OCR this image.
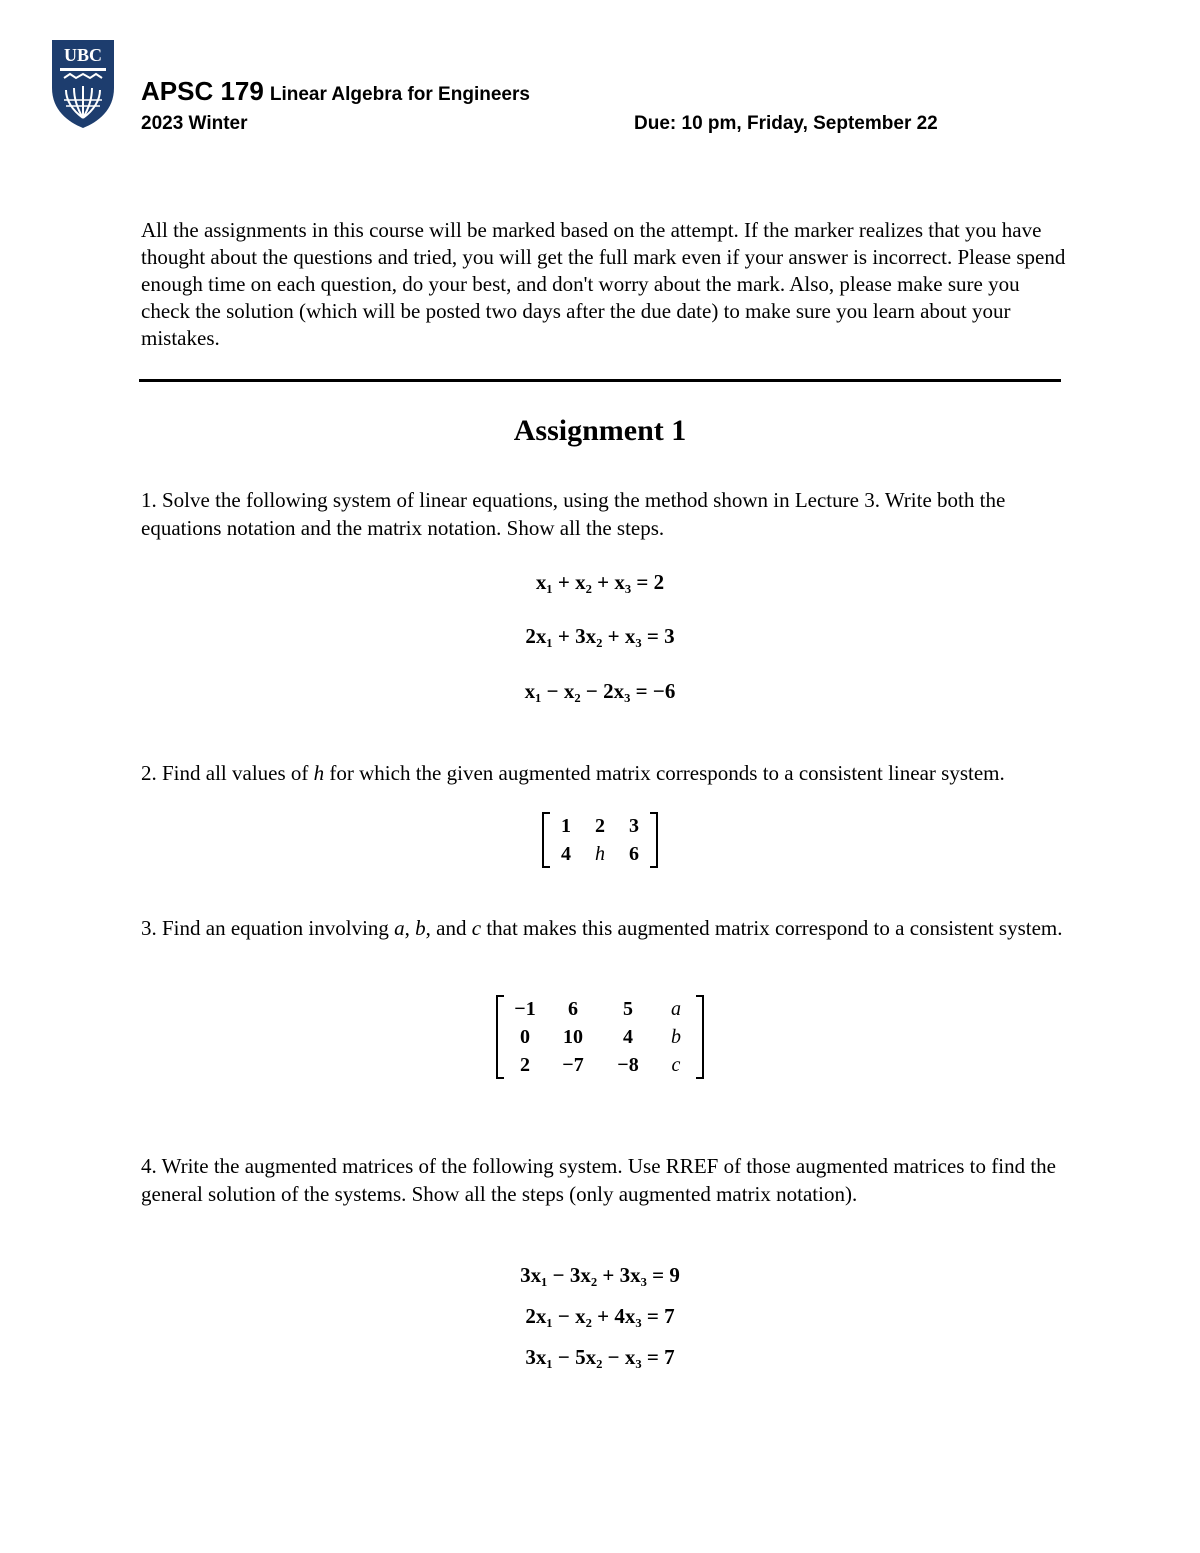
UBC
APSC 179 Linear Algebra for Engineers
2023 Winter	Due: 10 pm, Friday, September 22
All the assignments in this course will be marked based on the attempt. If the marker realizes that you have thought about the questions and tried, you will get the full mark even if your answer is incorrect. Please spend enough time on each question, do your best, and don't worry about the mark. Also, please make sure you check the solution (which will be posted two days after the due date) to make sure you learn about your mistakes.
Assignment 1
1. Solve the following system of linear equations, using the method shown in Lecture 3. Write both the equations notation and the matrix notation. Show all the steps.
x₁ + x₂ + x₃ = 2
2x₁ + 3x₂ + x₃ = 3
x₁ − x₂ − 2x₃ = −6
2. Find all values of h for which the given augmented matrix corresponds to a consistent linear system.
1	2	3
4	h	6
3. Find an equation involving a, b, and c that makes this augmented matrix correspond to a consistent system.
−1	6	5	a
0	10	4	b
2	−7	−8	c
4. Write the augmented matrices of the following system. Use RREF of those augmented matrices to find the general solution of the systems. Show all the steps (only augmented matrix notation).
3x₁ − 3x₂ + 3x₃ = 9
2x₁ − x₂ + 4x₃ = 7
3x₁ − 5x₂ − x₃ = 7
